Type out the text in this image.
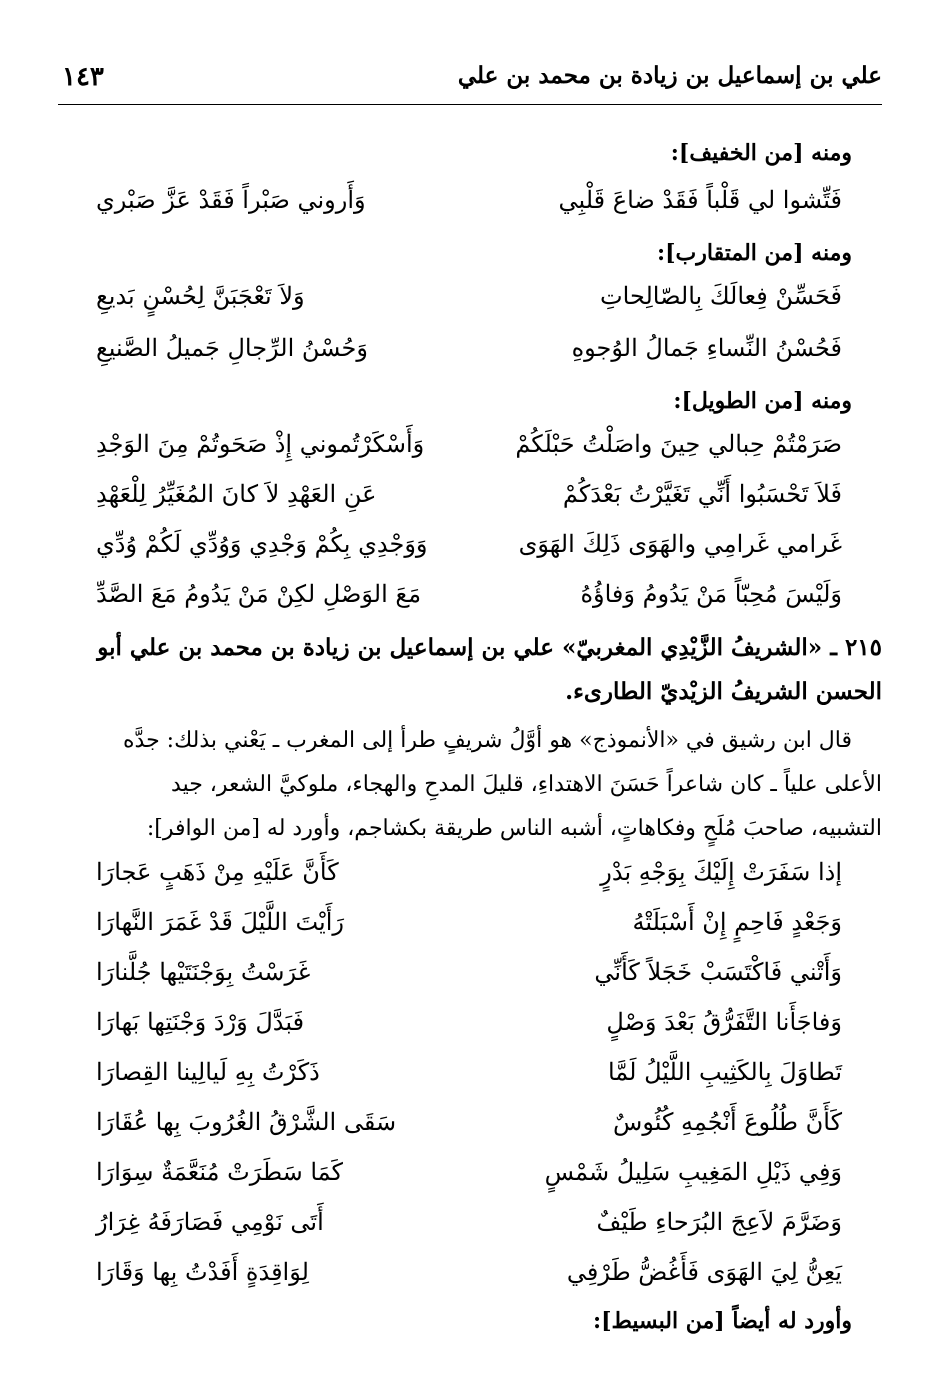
علي بن إسماعيل بن زيادة بن محمد بن علي
١٤٣
ومنه [من الخفيف]:
فَتِّشوا لي قَلْباً فَقَدْ ضاعَ قَلْبِي
وَأَروني صَبْراً فَقَدْ عَزَّ صَبْري
ومنه [من المتقارب]:
فَحَسِّنْ فِعالَكَ بِالصّالِحاتِ
وَلاَ تَعْجَبَنَّ لِحُسْنٍ بَديعِ
فَحُسْنُ النِّساءِ جَمالُ الوُجوهِ
وَحُسْنُ الرِّجالِ جَميلُ الصَّنيعِ
ومنه [من الطويل]:
صَرَمْتُمْ حِبالي حِينَ واصَلْتُ حَبْلَكُمْ
وَأَسْكَرْتُموني إِذْ صَحَوتُمْ مِنَ الوَجْدِ
فَلاَ تَحْسَبُوا أَنِّي تَغَيَّرْتُ بَعْدَكُمْ
عَنِ العَهْدِ لاَ كانَ المُغَيِّرُ لِلْعَهْدِ
غَرامي غَرامِي والهَوَى ذَلِكَ الهَوَى
وَوَجْدِي بِكُمْ وَجْدِي وَوُدِّي لَكُمْ وُدِّي
وَلَيْسَ مُحِبّاً مَنْ يَدُومُ وَفاؤُهُ
مَعَ الوَصْلِ لكِنْ مَنْ يَدُومُ مَعَ الصَّدِّ
٢١٥ ـ «الشريفُ الزَّيْدِي المغربيّ» علي بن إسماعيل بن زيادة بن محمد بن علي أبو
الحسن الشريفُ الزيْديّ الطارىء.
قال ابن رشيق في «الأنموذج» هو أوَّلُ شريفٍ طرأ إلى المغرب ـ يَعْني بذلك: جدَّه
الأعلى علياً ـ كان شاعراً حَسَنَ الاهتداءِ، قليلَ المدحِ والهجاء، ملوكيَّ الشعر، جيد
التشبيه، صاحبَ مُلَحٍ وفكاهاتٍ، أشبه الناس طريقة بكشاجم، وأورد له [من الوافر]:
إذا سَفَرَتْ إِلَيْكَ بِوَجْهِ بَدْرٍ
كَأَنَّ عَلَيْهِ مِنْ ذَهَبٍ عَجارَا
وَجَعْدٍ فَاحِمٍ إِنْ أَسْبَلَتْهُ
رَأَيْتَ اللَّيْلَ قَدْ غَمَرَ النَّهارَا
وَأَتْني فَاكْتَسَبْ خَجَلاً كَأَنِّي
غَرَسْتُ بِوَجْنَتَيْها جُلَّنارَا
وَفاجَأَنا التَّفَرُّقُ بَعْدَ وَصْلٍ
فَبَدَّلَ وَرْدَ وَجْنَتِها بَهارَا
تَطاوَلَ بِالكَثِيبِ اللَّيْلُ لَمَّا
ذَكَرْتُ بِهِ لَيالِينا القِصارَا
كَأَنَّ طُلُوعَ أَنْجُمِهِ كُئُوسٌ
سَقَى الشَّرْقُ الغُرُوبَ بِها عُقَارَا
وَفِي ذَيْلِ المَغِيبِ سَلِيلُ شَمْسٍ
كَمَا سَطَرَتْ مُنَعَّمَةٌ سِوَارَا
وَضَرَّمَ لاَعِجَ البُرَحاءِ طَيْفٌ
أَتَى نَوْمِي فَصَارَفَهُ غِرَارُ
يَعِنُّ لِيَ الهَوَى فَأَغُضُّ طَرْفِي
لِوَاقِدَةٍ أَفَدْتُ بِها وَقَارَا
وأورد له أيضاً [من البسيط]:
